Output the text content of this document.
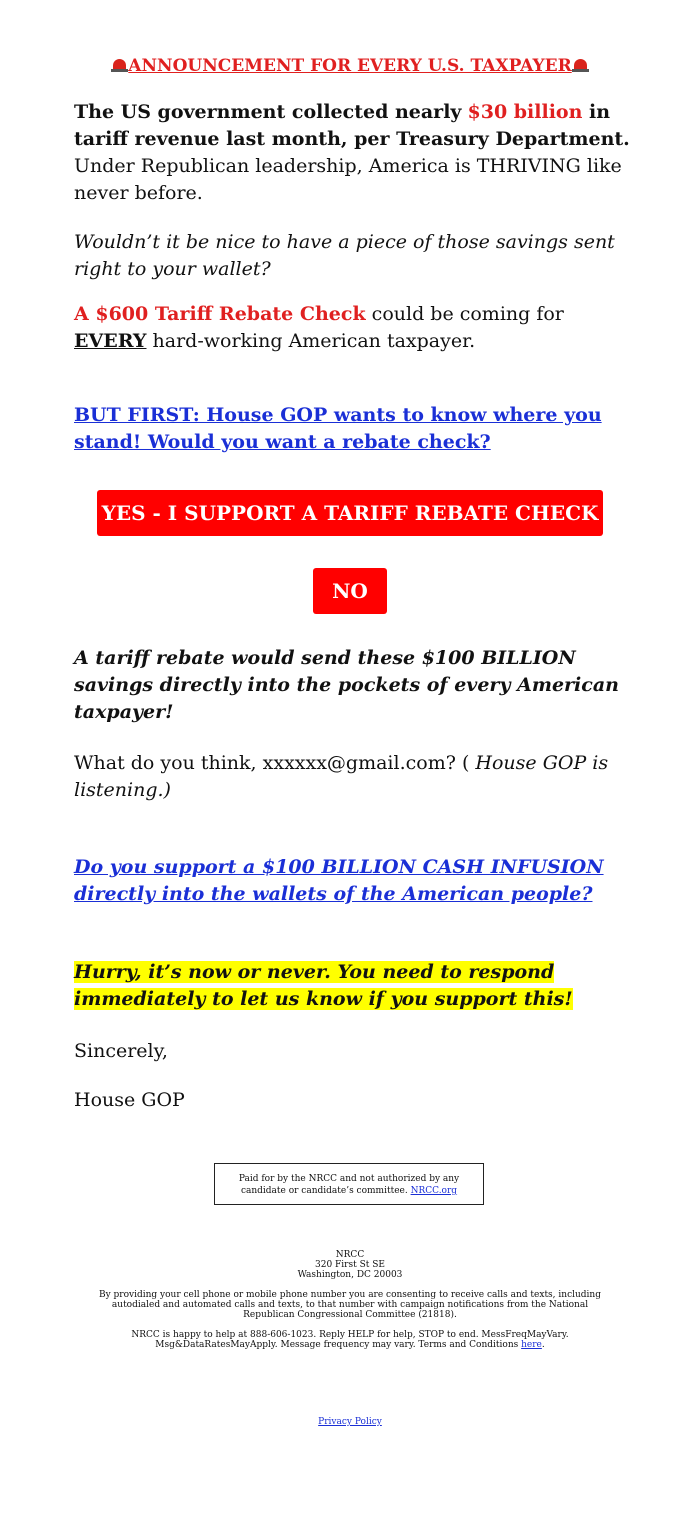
ANNOUNCEMENT FOR EVERY U.S. TAXPAYER
The US government collected nearly $30 billion in tariff revenue last month, per Treasury Department. Under Republican leadership, America is THRIVING like never before.
Wouldn’t it be nice to have a piece of those savings sent right to your wallet?
A $600 Tariff Rebate Check could be coming for
EVERY hard-working American taxpayer.
BUT FIRST: House GOP wants to know where you stand! Would you want a rebate check?
YES - I SUPPORT A TARIFF REBATE CHECK
NO
A tariff rebate would send these $100 BILLION savings directly into the pockets of every American taxpayer!
What do you think, xxxxxx@gmail.com? ( House GOP is listening.)
Do you support a $100 BILLION CASH INFUSION directly into the wallets of the American people?
Hurry, it’s now or never. You need to respond immediately to let us know if you support this!
Sincerely,
House GOP
Paid for by the NRCC and not authorized by any candidate or candidate’s committee. NRCC.org
NRCC
320 First St SE
Washington, DC 20003
By providing your cell phone or mobile phone number you are consenting to receive calls and texts, including autodialed and automated calls and texts, to that number with campaign notifications from the National Republican Congressional Committee (21818).
NRCC is happy to help at 888-606-1023. Reply HELP for help, STOP to end. MessFreqMayVary. Msg&DataRatesMayApply. Message frequency may vary. Terms and Conditions here.
Privacy Policy
